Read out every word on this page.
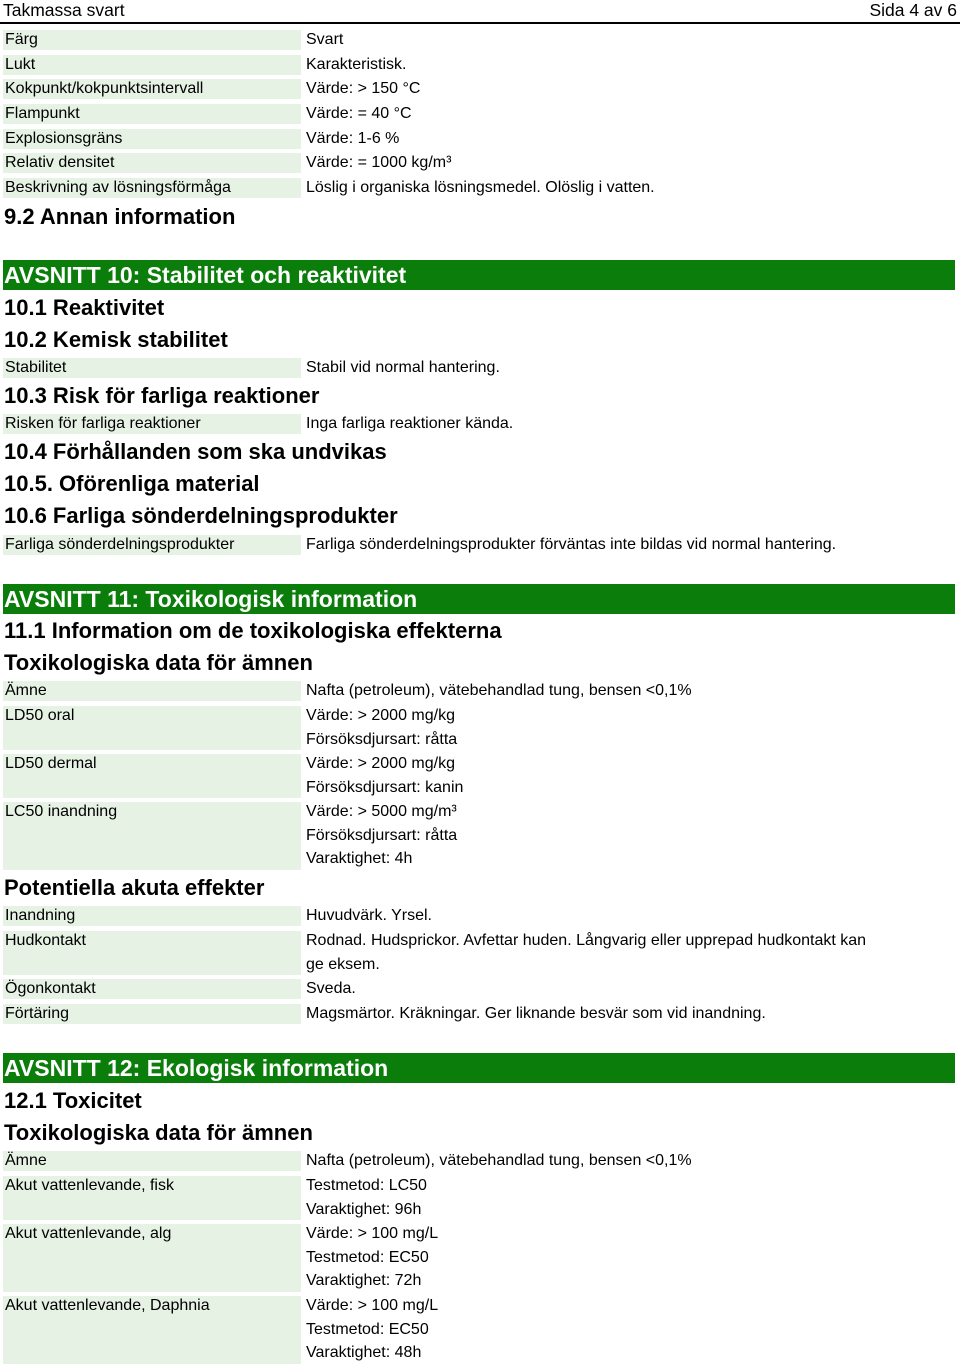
Takmassa svart	Sida 4 av 6
Färg	Svart
Lukt	Karakteristisk.
Kokpunkt/kokpunktsintervall	Värde: > 150 °C
Flampunkt	Värde: = 40 °C
Explosionsgräns	Värde: 1-6 %
Relativ densitet	Värde: = 1000 kg/m³
Beskrivning av lösningsförmåga	Löslig i organiska lösningsmedel. Olöslig i vatten.
9.2 Annan information
AVSNITT 10: Stabilitet och reaktivitet
10.1 Reaktivitet
10.2 Kemisk stabilitet
Stabilitet	Stabil vid normal hantering.
10.3 Risk för farliga reaktioner
Risken för farliga reaktioner	Inga farliga reaktioner kända.
10.4 Förhållanden som ska undvikas
10.5. Oförenliga material
10.6 Farliga sönderdelningsprodukter
Farliga sönderdelningsprodukter	Farliga sönderdelningsprodukter förväntas inte bildas vid normal hantering.
AVSNITT 11: Toxikologisk information
11.1 Information om de toxikologiska effekterna
Toxikologiska data för ämnen
Ämne	Nafta (petroleum), vätebehandlad tung, bensen <0,1%
LD50 oral	Värde: > 2000 mg/kg
Försöksdjursart: råtta
LD50 dermal	Värde: > 2000 mg/kg
Försöksdjursart: kanin
LC50 inandning	Värde: > 5000 mg/m³
Försöksdjursart: råtta
Varaktighet: 4h
Potentiella akuta effekter
Inandning	Huvudvärk. Yrsel.
Hudkontakt	Rodnad. Hudsprickor. Avfettar huden. Långvarig eller upprepad hudkontakt kan
ge eksem.
Ögonkontakt	Sveda.
Förtäring	Magsmärtor. Kräkningar. Ger liknande besvär som vid inandning.
AVSNITT 12: Ekologisk information
12.1 Toxicitet
Toxikologiska data för ämnen
Ämne	Nafta (petroleum), vätebehandlad tung, bensen <0,1%
Akut vattenlevande, fisk	Testmetod: LC50
Varaktighet: 96h
Akut vattenlevande, alg	Värde: > 100 mg/L
Testmetod: EC50
Varaktighet: 72h
Akut vattenlevande, Daphnia	Värde: > 100 mg/L
Testmetod: EC50
Varaktighet: 48h
